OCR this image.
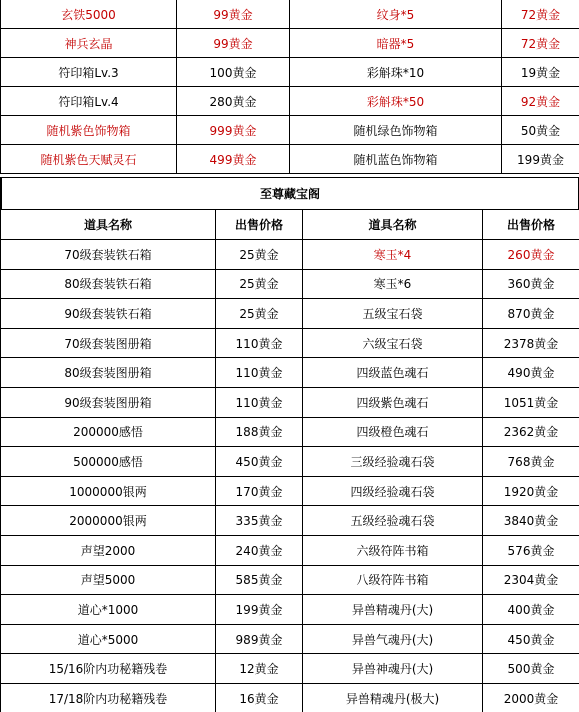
玄铁5000	99黄金	纹身*5	72黄金
神兵玄晶	99黄金	暗器*5	72黄金
符印箱Lv.3	100黄金	彩斛珠*10	19黄金
符印箱Lv.4	280黄金	彩斛珠*50	92黄金
随机紫色饰物箱	999黄金	随机绿色饰物箱	50黄金
随机紫色天赋灵石	499黄金	随机蓝色饰物箱	199黄金
至尊藏宝阁
道具名称	出售价格	道具名称	出售价格
70级套装铁石箱	25黄金	寒玉*4	260黄金
80级套装铁石箱	25黄金	寒玉*6	360黄金
90级套装铁石箱	25黄金	五级宝石袋	870黄金
70级套装图册箱	110黄金	六级宝石袋	2378黄金
80级套装图册箱	110黄金	四级蓝色魂石	490黄金
90级套装图册箱	110黄金	四级紫色魂石	1051黄金
200000感悟	188黄金	四级橙色魂石	2362黄金
500000感悟	450黄金	三级经验魂石袋	768黄金
1000000银两	170黄金	四级经验魂石袋	1920黄金
2000000银两	335黄金	五级经验魂石袋	3840黄金
声望2000	240黄金	六级符阵书箱	576黄金
声望5000	585黄金	八级符阵书箱	2304黄金
道心*1000	199黄金	异兽精魂丹(大)	400黄金
道心*5000	989黄金	异兽气魂丹(大)	450黄金
15/16阶内功秘籍残卷	12黄金	异兽神魂丹(大)	500黄金
17/18阶内功秘籍残卷	16黄金	异兽精魂丹(极大)	2000黄金
